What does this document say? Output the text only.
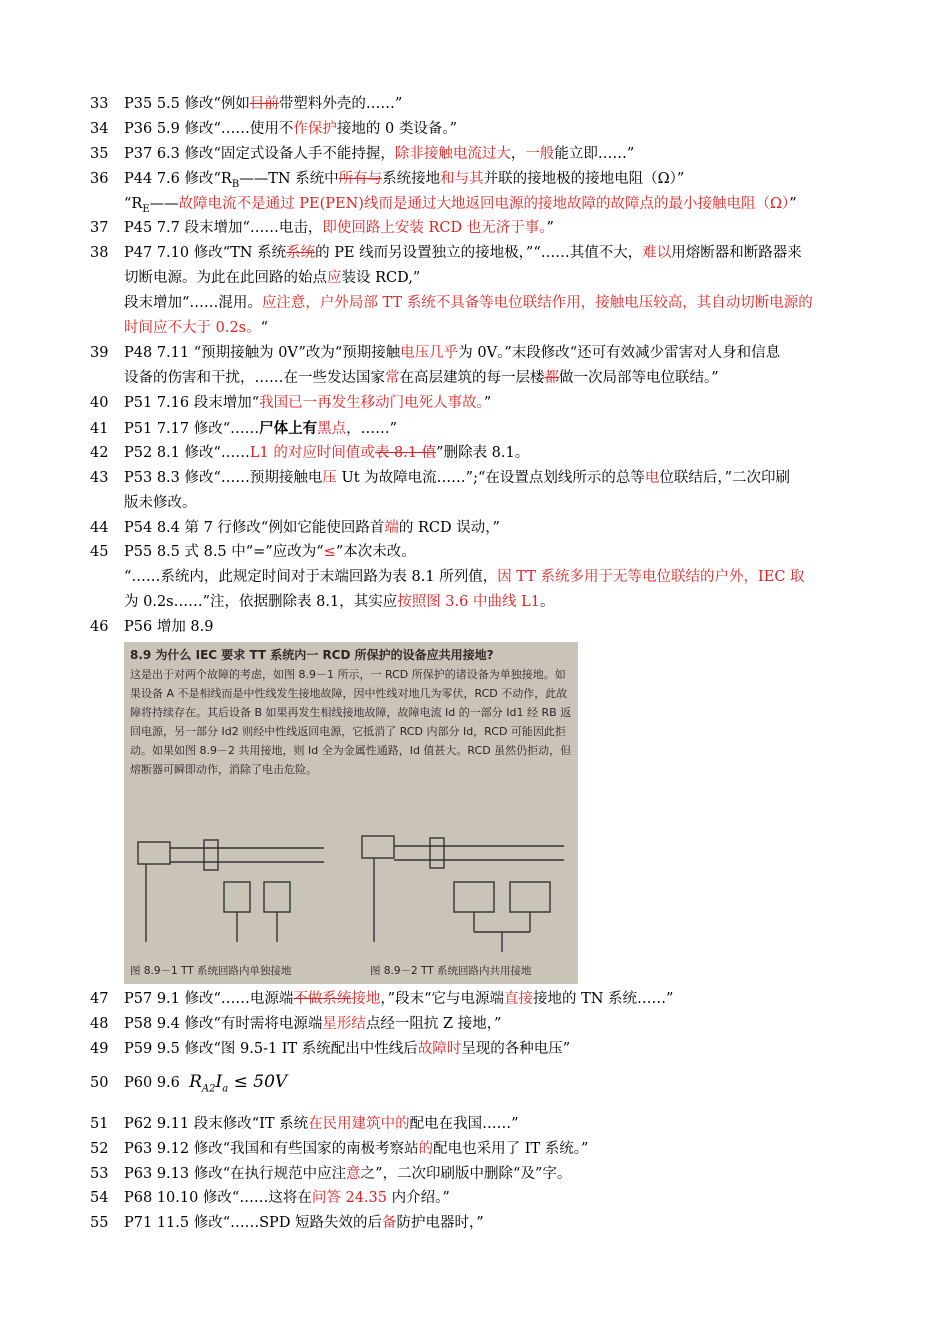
33 P35 5.5 修改“例如目前带塑料外壳的……”
34 P36 5.9 修改“……使用不作保护接地的 0 类设备。”
35 P37 6.3 修改“固定式设备人手不能持握，除非接触电流过大，一般能立即……”
36 P44 7.6 修改“$R_B——TN$ 系统中所有与系统接地和与其并联的接地极的接地电阻（Ω）”
“$R_E——$故障电流不是通过 PE(PEN)线而是通过大地返回电源的接地故障的故障点的最小接触电阻（Ω）”
37 P45 7.7 段末增加“……电击，即使回路上安装 RCD 也无济于事。”
38 P47 7.10 修改“TN 系统系统的 PE 线而另设置独立的接地极，”“……其值不大，难以用熔断器和断路器来
切断电源。为此在此回路的始点应装设 RCD,”
段末增加“……混用。应注意，户外局部 TT 系统不具备等电位联结作用，接触电压较高，其自动切断电源的
时间应不大于 0.2s。“
39 P48 7.11 “预期接触为 0V”改为“预期接触电压几乎为 0V。”末段修改“还可有效减少雷害对人身和信息
设备的伤害和干扰，……在一些发达国家常在高层建筑的每一层楼都做一次局部等电位联结。”
40 P51 7.16 段末增加“我国已一再发生移动门电死人事故。”
41 P51 7.17 修改“……尸体上有黑点，……”
42 P52 8.1 修改“……L1 的对应时间值或表 8.1 值”删除表 8.1。
43 P53 8.3 修改“……预期接触电压 Ut 为故障电流……”;“在设置点划线所示的总等电位联结后，”二次印刷
版未修改。
44 P54 8.4 第 7 行修改“例如它能使回路首端的 RCD 误动，”
45 P55 8.5 式 8.5 中“=”应改为“≤”本次未改。
“……系统内，此规定时间对于末端回路为表 8.1 所列值，因 TT 系统多用于无等电位联结的户外，IEC 取
为 0.2s……”注，依据删除表 8.1，其实应按照图 3.6 中曲线 L1。
46 P56 增加 8.9
8.9 为什么 IEC 要求 TT 系统内一 RCD 所保护的设备应共用接地?
这是出于对两个故障的考虑，如图 8.9－1 所示，一 RCD 所保护的诸设备为单独接地。如果设备 A 不是相线而是中性线发生接地故障，因中性线对地几为零伏，RCD 不动作，此故障将持续存在。其后设备 B 如果再发生相线接地故障，故障电流 Id 的一部分 Id1 经 RB 返回电源，另一部分 Id2 则经中性线返回电源，它抵消了 RCD 内部分 Id，RCD 可能因此拒动。如果如图 8.9－2 共用接地，则 Id 全为金属性通路，Id 值甚大。RCD 虽然仍拒动，但熔断器可瞬即动作，消除了电击危险。
图 8.9－1 TT 系统回路内单独接地	图 8.9－2 TT 系统回路内共用接地
47 P57 9.1 修改“……电源端不做系统接地，”段末“它与电源端直接接地的 TN 系统……”
48 P58 9.4 修改“有时需将电源端星形结点经一阻抗 Z 接地，”
49 P59 9.5 修改“图 9.5-1 IT 系统配出中性线后故障时呈现的各种电压”
50 P60 9.6 $R_{A2}I_a \le 50V$
51 P62 9.11 段末修改“IT 系统在民用建筑中的配电在我国……”
52 P63 9.12 修改“我国和有些国家的南极考察站的配电也采用了 IT 系统。”
53 P63 9.13 修改“在执行规范中应注意之”，二次印刷版中删除“及”字。
54 P68 10.10 修改“……这将在问答 24.35 内介绍。”
55 P71 11.5 修改“……SPD 短路失效的后备防护电器时，”
